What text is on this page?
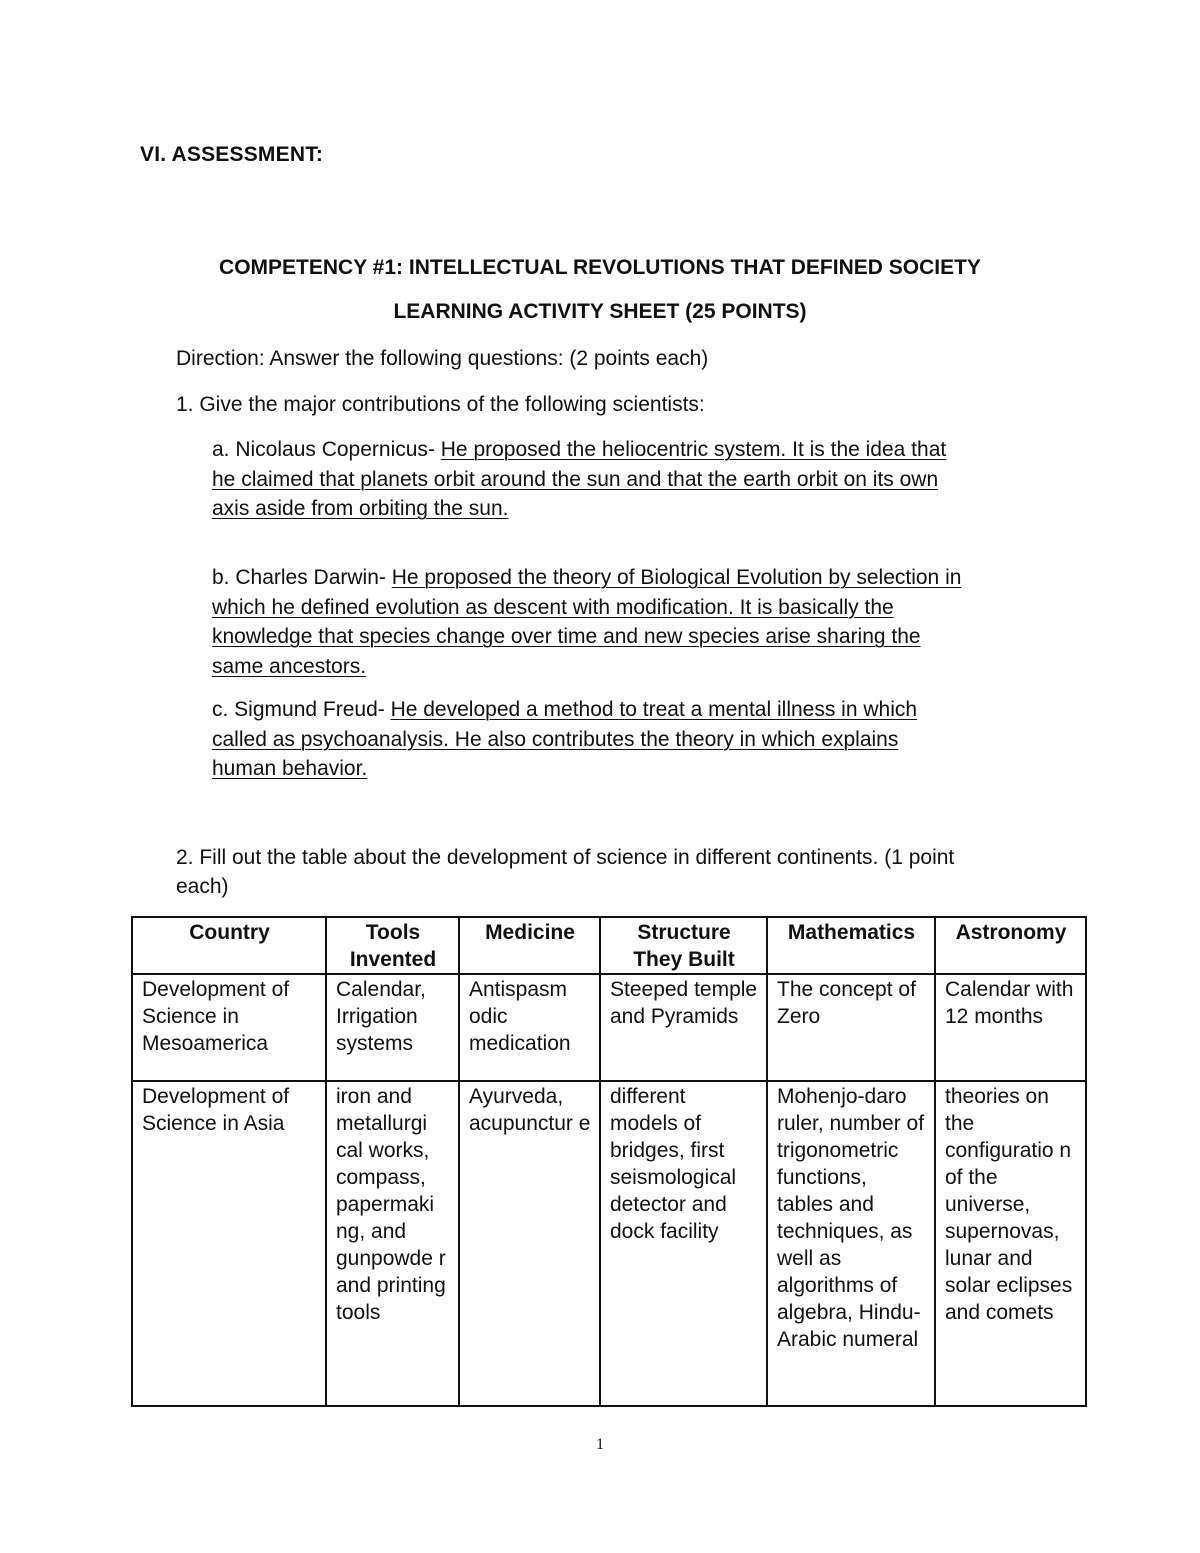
VI. ASSESSMENT:
COMPETENCY #1: INTELLECTUAL REVOLUTIONS THAT DEFINED SOCIETY
LEARNING ACTIVITY SHEET (25 POINTS)
Direction: Answer the following questions: (2 points each)
1. Give the major contributions of the following scientists:
a. Nicolaus Copernicus- He proposed the heliocentric system. It is the idea that
he claimed that planets orbit around the sun and that the earth orbit on its own
axis aside from orbiting the sun.
b. Charles Darwin- He proposed the theory of Biological Evolution by selection in
which he defined evolution as descent with modification. It is basically the
knowledge that species change over time and new species arise sharing the
same ancestors.
c. Sigmund Freud- He developed a method to treat a mental illness in which
called as psychoanalysis. He also contributes the theory in which explains
human behavior.
2. Fill out the table about the development of science in different continents. (1 point
each)
Country	Tools Invented	Medicine	Structure They Built	Mathematics	Astronomy
Development of Science in Mesoamerica	Calendar, Irrigation systems	Antispasm odic medication	Steeped temple and Pyramids	The concept of Zero	Calendar with 12 months
Development of Science in Asia	iron and metallurgi cal works, compass, papermaki ng, and gunpowde r and printing tools	Ayurveda, acupunctur e	different models of bridges, first seismological detector and dock facility	Mohenjo-daro ruler, number of trigonometric functions, tables and techniques, as well as algorithms of algebra, Hindu-Arabic numeral	theories on the configuratio n of the universe, supernovas, lunar and solar eclipses and comets
1
